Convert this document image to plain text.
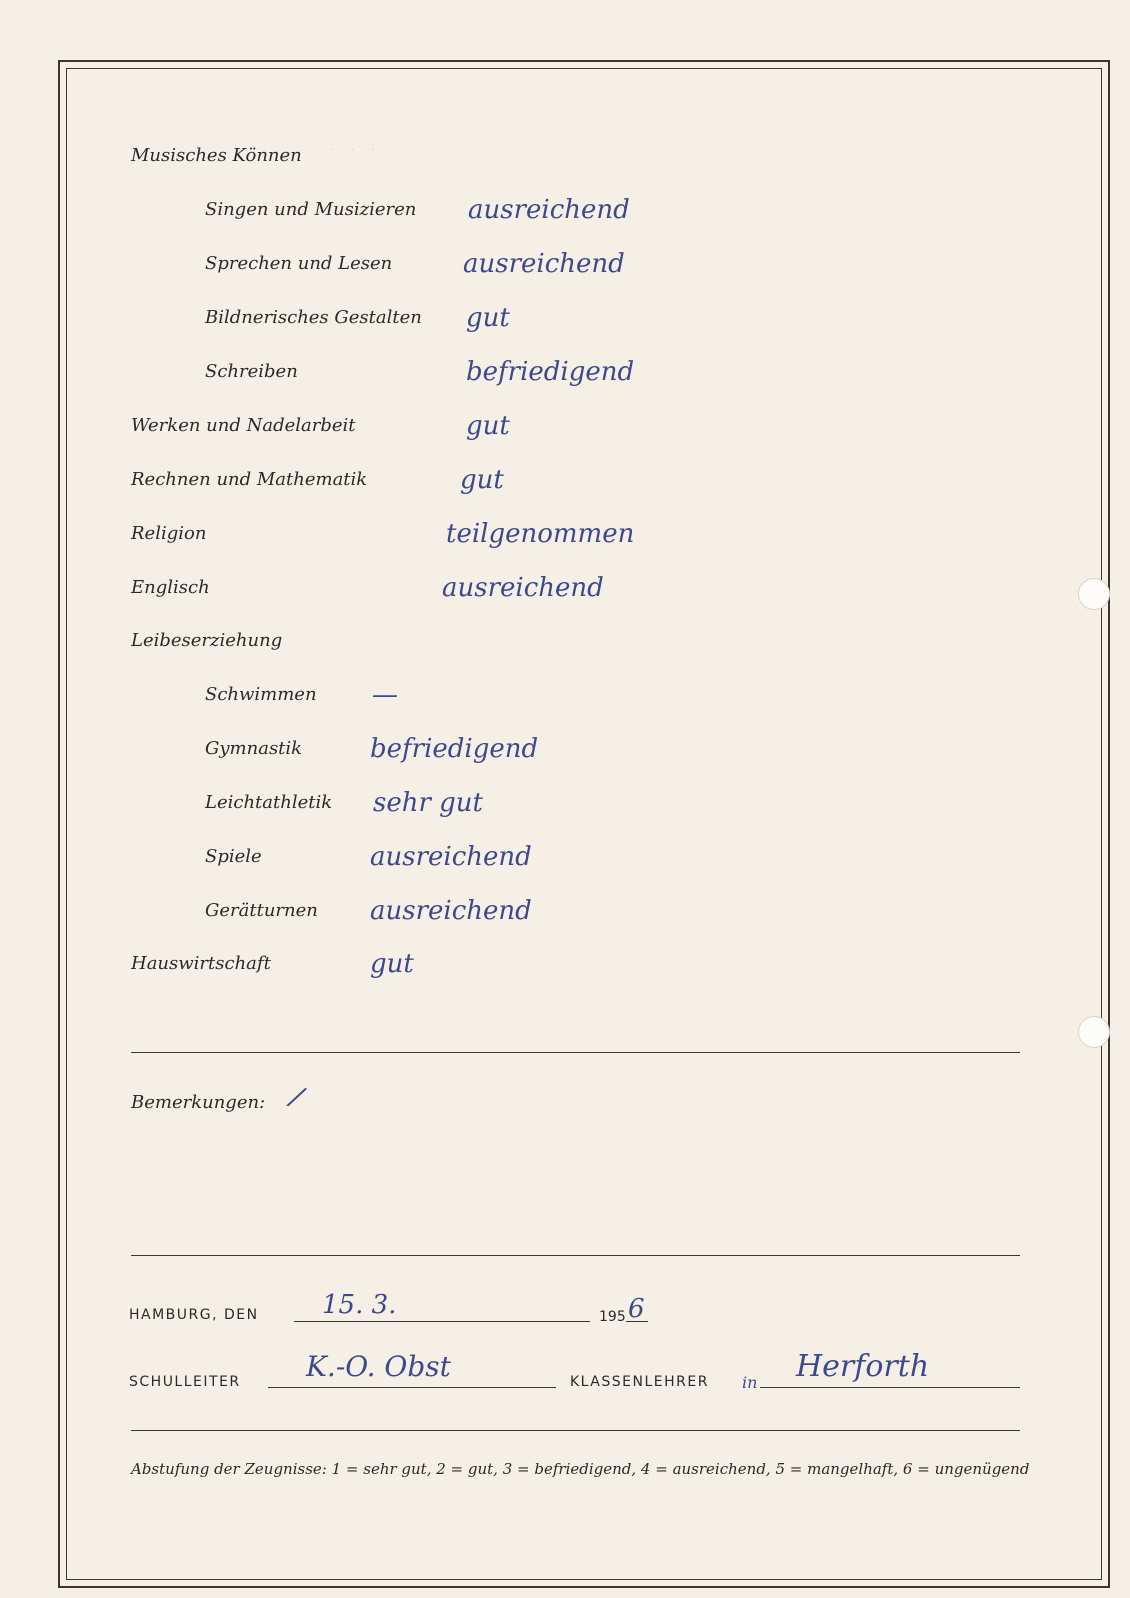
· · ·
Musisches Können
Singen und Musizieren ausreichend
Sprechen und Lesen	ausreichend
Bildnerisches Gestalten gut
Schreiben	befriedigend
Werken und Nadelarbeit	gut
Rechnen und Mathematik	gut
Religion	teilgenommen
Englisch	ausreichend
Leibeserziehung
Schwimmen —
Gymnastik	befriedigend
Leichtathletik sehr gut
Spiele	ausreichend
Gerätturnen ausreichend
Hauswirtschaft	gut
Bemerkungen: /
HAMBURG, DEN 15. 3.	195 6
SCHULLEITER K.-O. Obst	KLASSENLEHRER in Herforth
Abstufung der Zeugnisse: 1 = sehr gut, 2 = gut, 3 = befriedigend, 4 = ausreichend, 5 = mangelhaft, 6 = ungenügend
